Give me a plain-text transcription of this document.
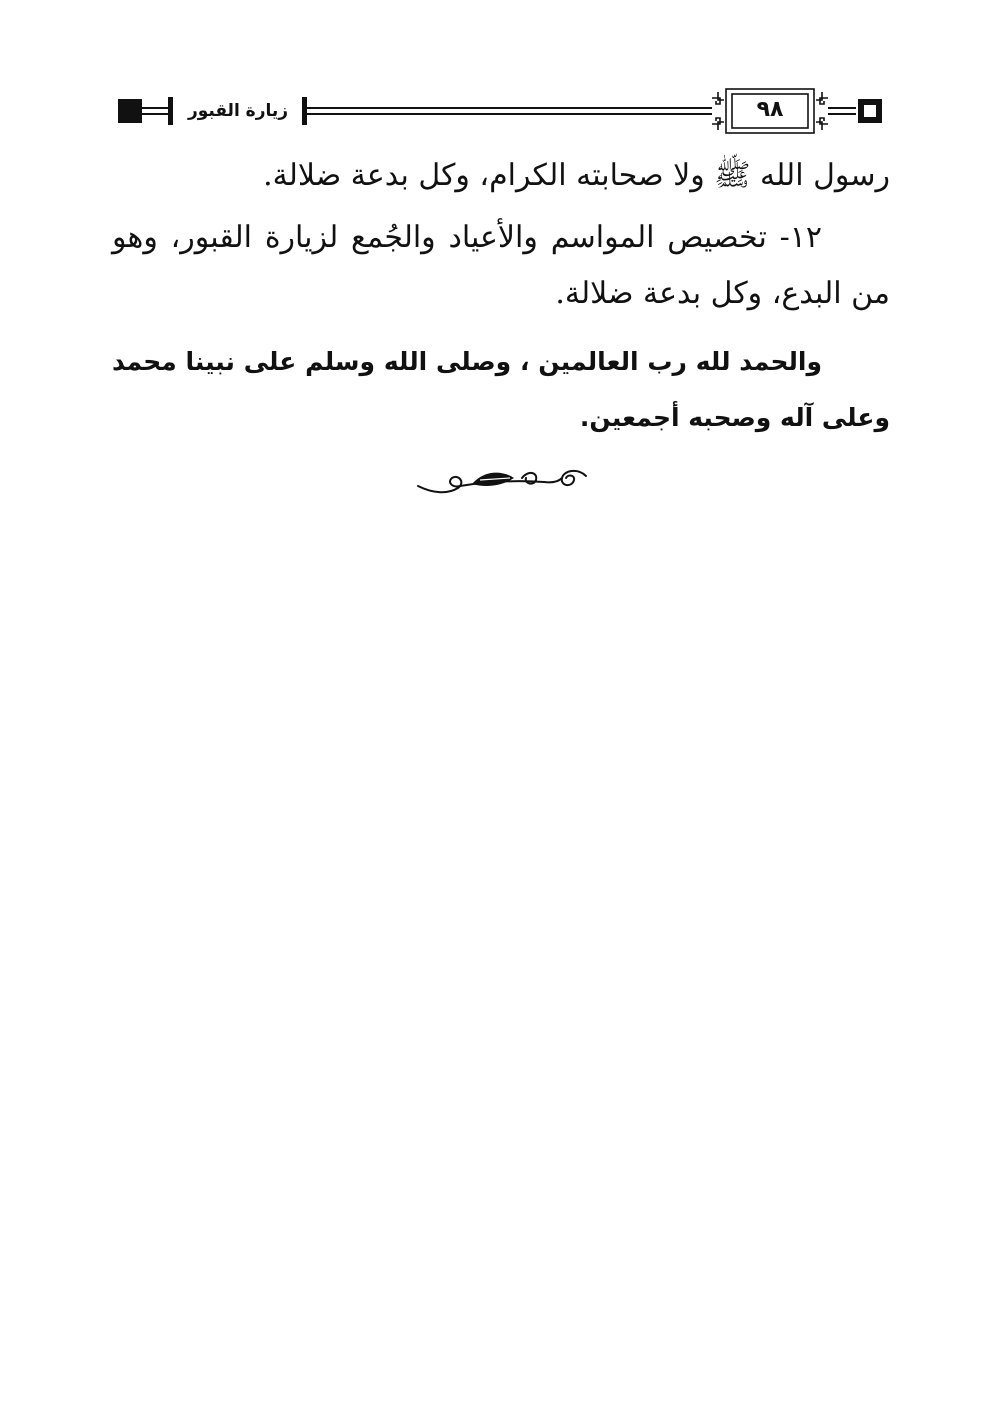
زيارة القبور	٩٨

رسول الله ﷺ ولا صحابته الكرام، وكل بدعة ضلالة.

١٢- تخصيص المواسم والأعياد والجُمع لزيارة القبور، وهو من البدع، وكل بدعة ضلالة.

والحمد لله رب العالمين ، وصلى الله وسلم على نبينا محمد وعلى آله وصحبه أجمعين.
